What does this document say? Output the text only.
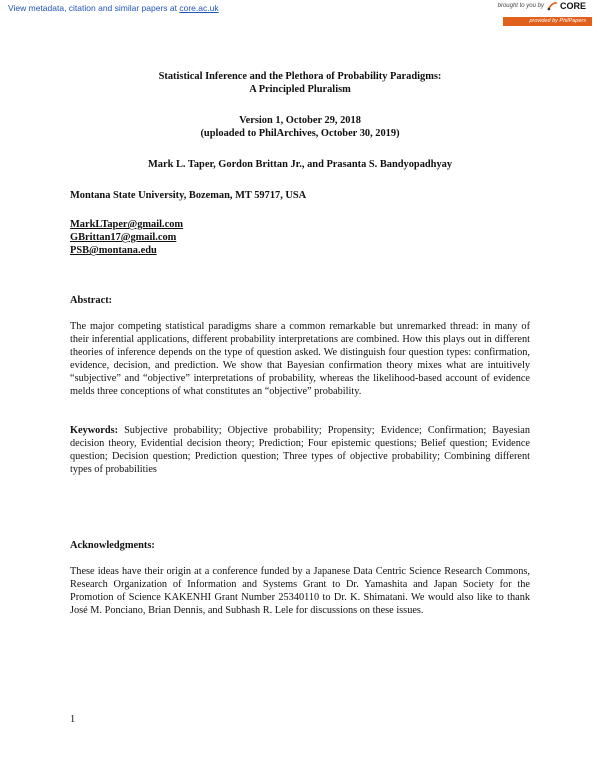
View metadata, citation and similar papers at core.ac.uk	brought to you by CORE
provided by PhilPapers
Statistical Inference and the Plethora of Probability Paradigms:
A Principled Pluralism
Version 1, October 29, 2018
(uploaded to PhilArchives, October 30, 2019)
Mark L. Taper, Gordon Brittan Jr., and Prasanta S. Bandyopadhyay
Montana State University, Bozeman, MT 59717, USA
MarkLTaper@gmail.com
GBrittan17@gmail.com
PSB@montana.edu
Abstract:
The major competing statistical paradigms share a common remarkable but unremarked thread: in many of their inferential applications, different probability interpretations are combined. How this plays out in different theories of inference depends on the type of question asked. We distinguish four question types: confirmation, evidence, decision, and prediction. We show that Bayesian confirmation theory mixes what are intuitively “subjective” and “objective” interpretations of probability, whereas the likelihood-based account of evidence melds three conceptions of what constitutes an “objective” probability.
Keywords: Subjective probability; Objective probability; Propensity; Evidence; Confirmation; Bayesian decision theory, Evidential decision theory; Prediction; Four epistemic questions; Belief question; Evidence question; Decision question; Prediction question; Three types of objective probability; Combining different types of probabilities
Acknowledgments:
These ideas have their origin at a conference funded by a Japanese Data Centric Science Research Commons, Research Organization of Information and Systems Grant to Dr. Yamashita and Japan Society for the Promotion of Science KAKENHI Grant Number 25340110 to Dr. K. Shimatani. We would also like to thank José M. Ponciano, Brian Dennis, and Subhash R. Lele for discussions on these issues.
1
